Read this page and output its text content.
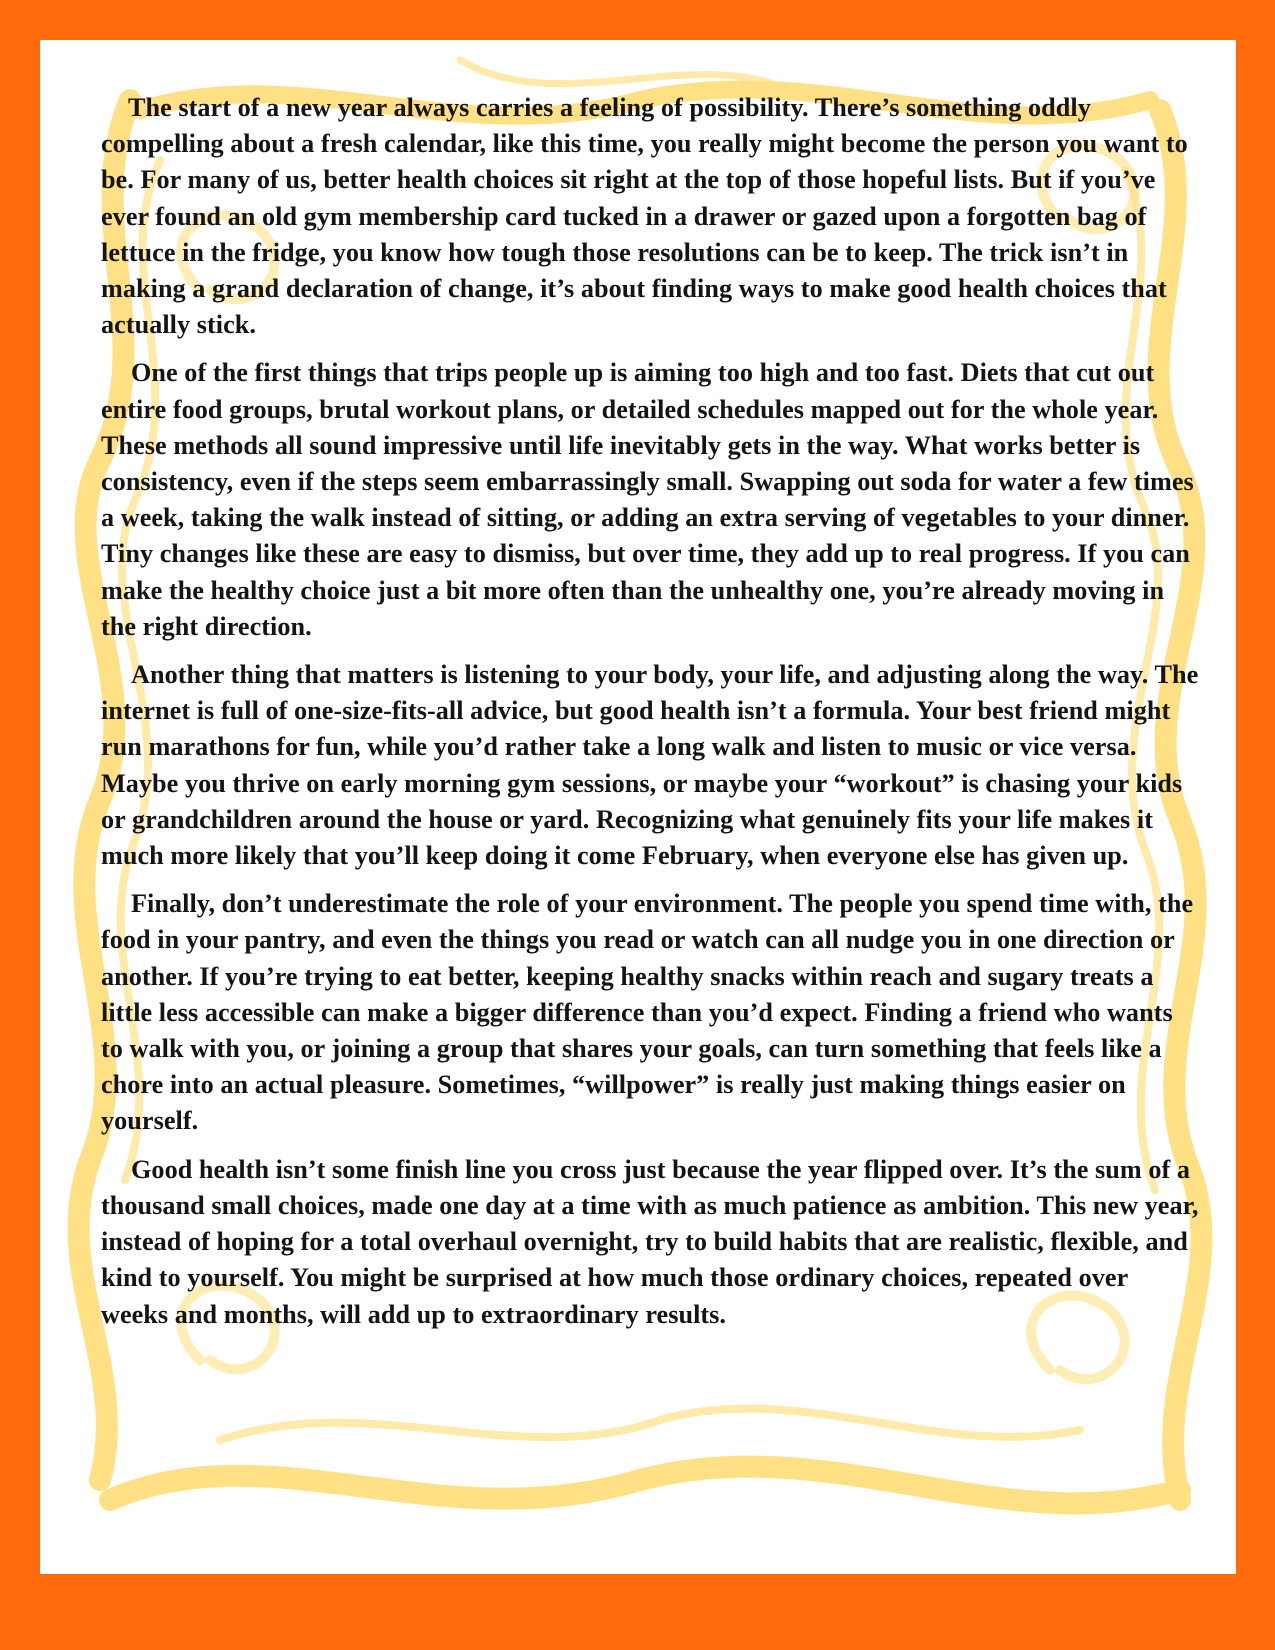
The start of a new year always carries a feeling of possibility. There’s something oddly compelling about a fresh calendar, like this time, you really might become the person you want to be. For many of us, better health choices sit right at the top of those hopeful lists. But if you’ve ever found an old gym membership card tucked in a drawer or gazed upon a forgotten bag of lettuce in the fridge, you know how tough those resolutions can be to keep. The trick isn’t in making a grand declaration of change, it’s about finding ways to make good health choices that actually stick.

One of the first things that trips people up is aiming too high and too fast. Diets that cut out entire food groups, brutal workout plans, or detailed schedules mapped out for the whole year. These methods all sound impressive until life inevitably gets in the way. What works better is consistency, even if the steps seem embarrassingly small. Swapping out soda for water a few times a week, taking the walk instead of sitting, or adding an extra serving of vegetables to your dinner. Tiny changes like these are easy to dismiss, but over time, they add up to real progress. If you can make the healthy choice just a bit more often than the unhealthy one, you’re already moving in the right direction.

Another thing that matters is listening to your body, your life, and adjusting along the way. The internet is full of one-size-fits-all advice, but good health isn’t a formula. Your best friend might run marathons for fun, while you’d rather take a long walk and listen to music or vice versa. Maybe you thrive on early morning gym sessions, or maybe your “workout” is chasing your kids or grandchildren around the house or yard. Recognizing what genuinely fits your life makes it much more likely that you’ll keep doing it come February, when everyone else has given up.

Finally, don’t underestimate the role of your environment. The people you spend time with, the food in your pantry, and even the things you read or watch can all nudge you in one direction or another. If you’re trying to eat better, keeping healthy snacks within reach and sugary treats a little less accessible can make a bigger difference than you’d expect. Finding a friend who wants to walk with you, or joining a group that shares your goals, can turn something that feels like a chore into an actual pleasure. Sometimes, “willpower” is really just making things easier on yourself.

Good health isn’t some finish line you cross just because the year flipped over. It’s the sum of a thousand small choices, made one day at a time with as much patience as ambition. This new year, instead of hoping for a total overhaul overnight, try to build habits that are realistic, flexible, and kind to yourself. You might be surprised at how much those ordinary choices, repeated over weeks and months, will add up to extraordinary results.
